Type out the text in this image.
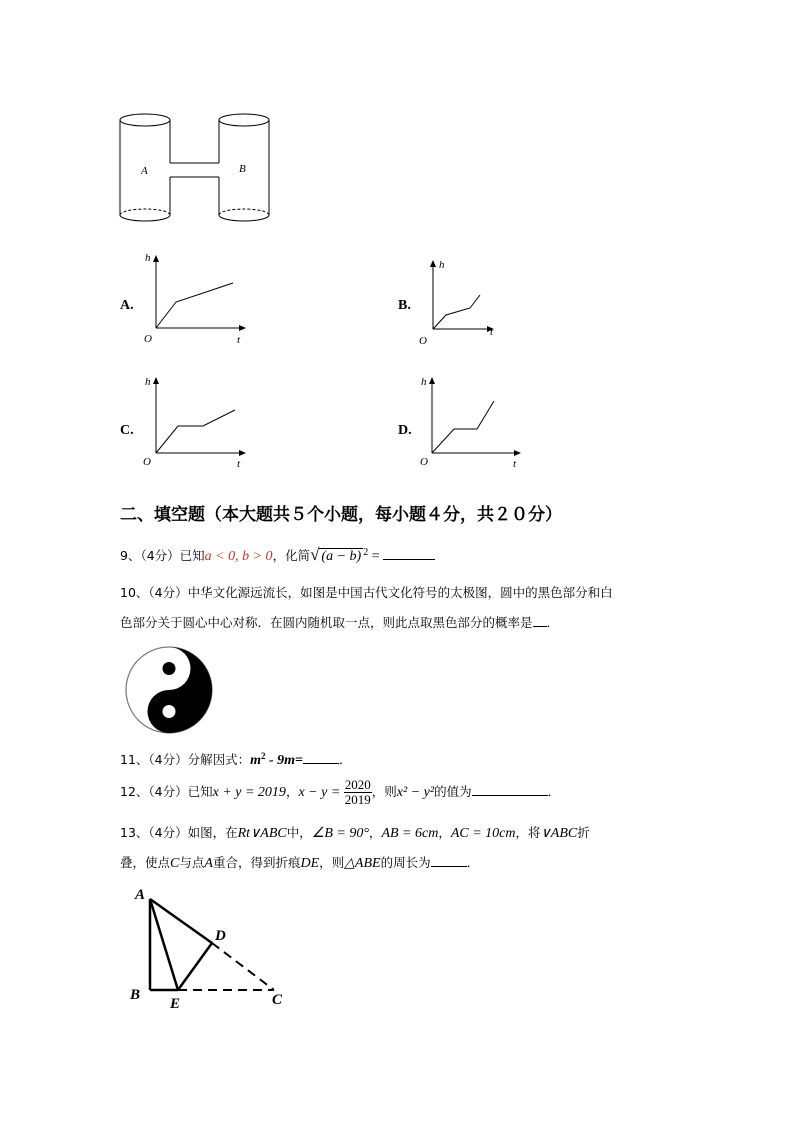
A	B
A.
h
t
O
B.
h
t
O
C.
h
t
O
D.
h
t
O
二、填空题（本大题共５个小题，每小题４分，共２０分）
9、（4分）已知a < 0, b > 0，化简√ (a − b) $^2$ =
10、（4分）中华文化源远流长，如图是中国古代文化符号的太极图，圆中的黑色部分和白
色部分关于圆心中心对称．在圆内随机取一点，则此点取黑色部分的概率是 ．
11、（4分）分解因式：$m^2 - 9m=$	．
12、（4分）已知x + y = 2019，$x - y = \frac{2020}{2019}$ ，则x² − y²的值为	．
13、（4分）如图，在Rt∨ABC中，∠B = 90°，AB = 6cm，AC = 10cm，将∨ABC折
叠，使点C与点A重合，得到折痕DE，则△ABE的周长为	．
A
B
E
D
C
